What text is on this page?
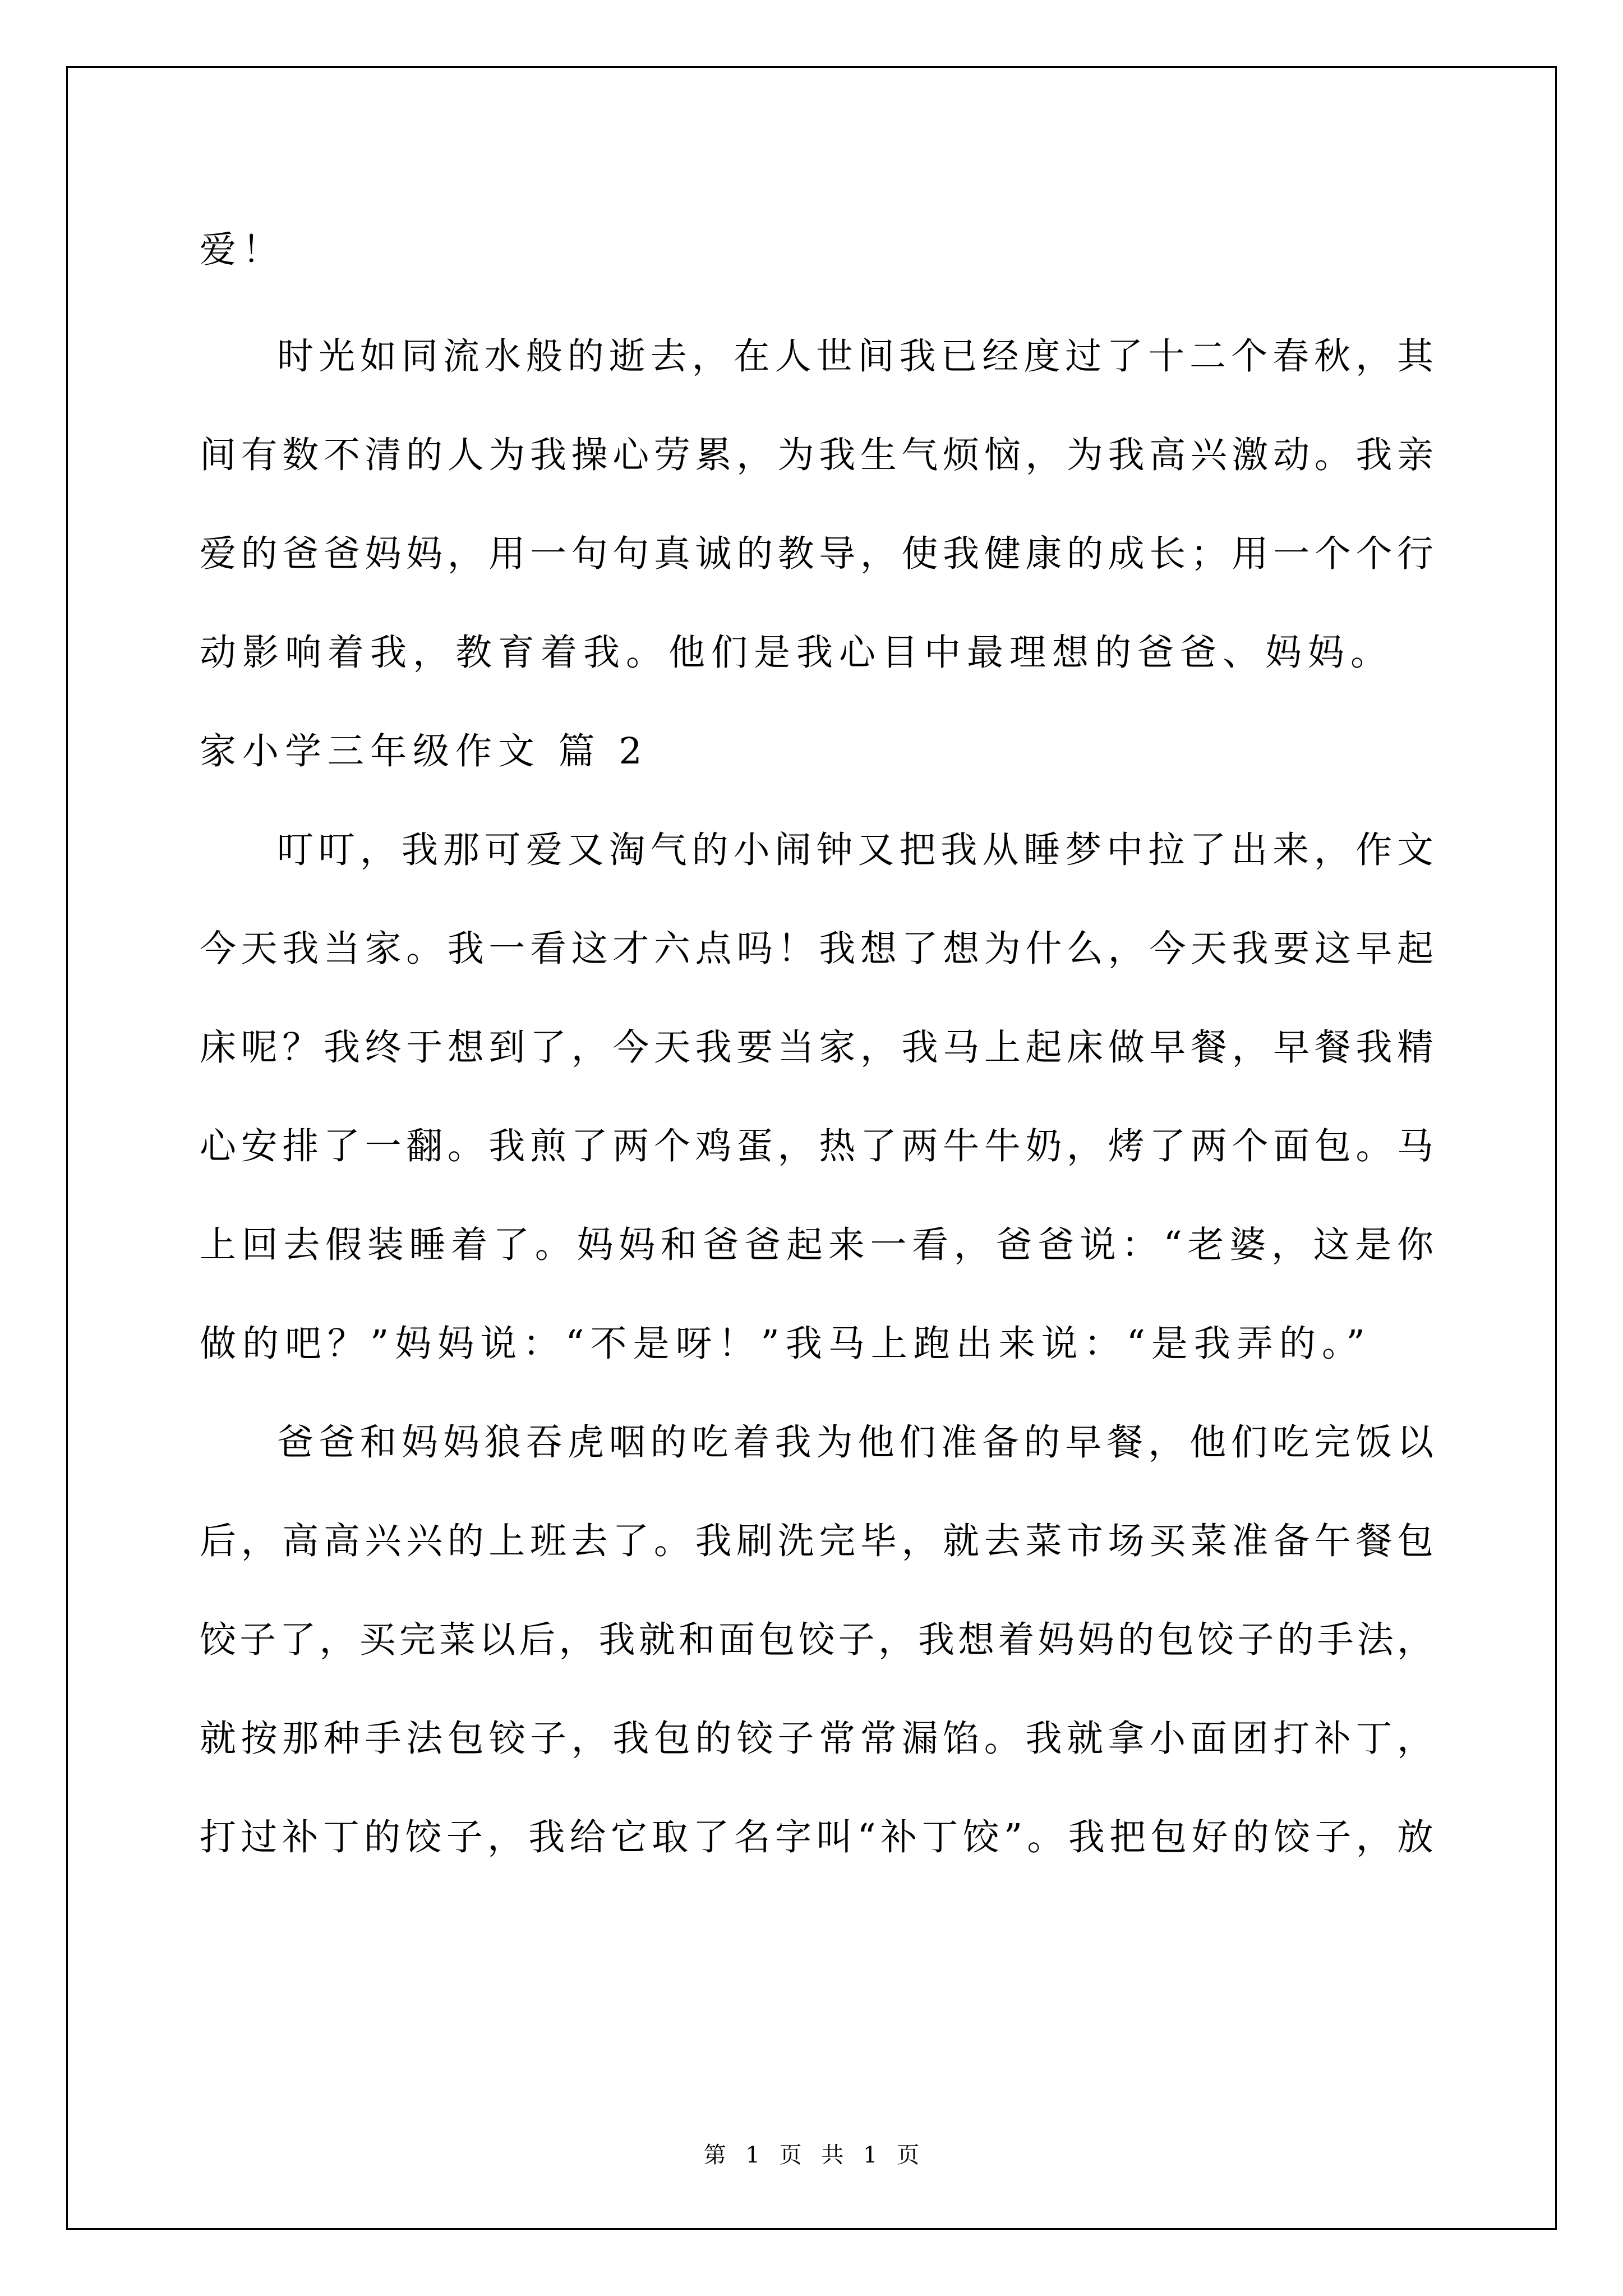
爱！
时光如同流水般的逝去，在人世间我已经度过了十二个春秋，其
间有数不清的人为我操心劳累，为我生气烦恼，为我高兴激动。我亲
爱的爸爸妈妈，用一句句真诚的教导，使我健康的成长；用一个个行
动影响着我，教育着我。他们是我心目中最理想的爸爸、妈妈。
家小学三年级作文 篇 2
叮叮，我那可爱又淘气的小闹钟又把我从睡梦中拉了出来，作文
今天我当家。我一看这才六点吗！我想了想为什么，今天我要这早起
床呢？我终于想到了，今天我要当家，我马上起床做早餐，早餐我精
心安排了一翻。我煎了两个鸡蛋，热了两牛牛奶，烤了两个面包。马
上回去假装睡着了。妈妈和爸爸起来一看，爸爸说：“老婆，这是你
做的吧？”妈妈说：“不是呀！”我马上跑出来说：“是我弄的。”
爸爸和妈妈狼吞虎咽的吃着我为他们准备的早餐，他们吃完饭以
后，高高兴兴的上班去了。我刷洗完毕，就去菜市场买菜准备午餐包
饺子了，买完菜以后，我就和面包饺子，我想着妈妈的包饺子的手法，
就按那种手法包铰子，我包的铰子常常漏馅。我就拿小面团打补丁，
打过补丁的饺子，我给它取了名字叫“补丁饺”。我把包好的饺子，放
第 1 页 共 1 页
